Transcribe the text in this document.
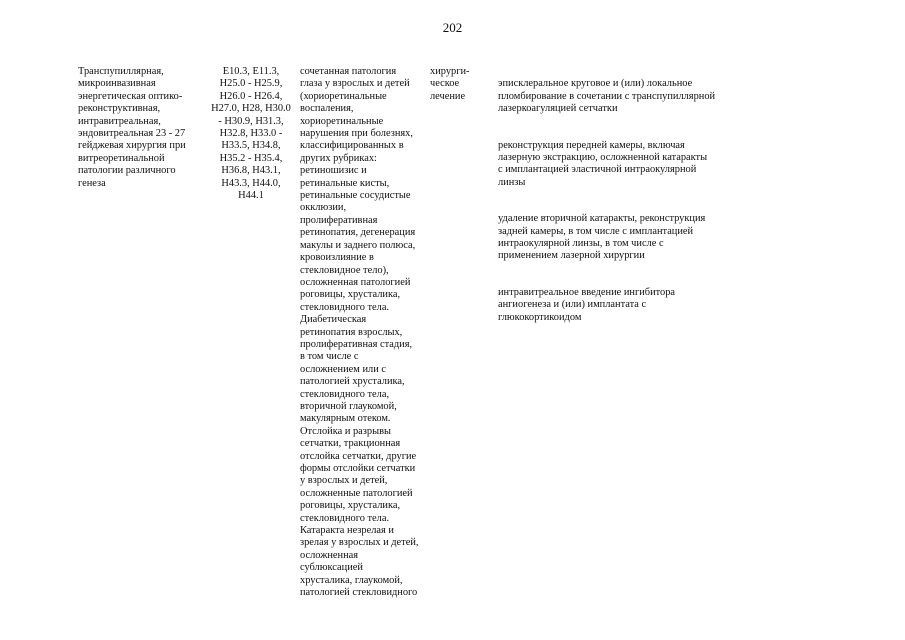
202
Транспупиллярная,
микроинвазивная
энергетическая оптико-
реконструктивная,
интравитреальная,
эндовитреальная 23 - 27
гейджевая хирургия при
витреоретинальной
патологии различного
генеза
E10.3, E11.3,
H25.0 - H25.9,
H26.0 - H26.4,
H27.0, H28, H30.0
- H30.9, H31.3,
H32.8, H33.0 -
H33.5, H34.8,
H35.2 - H35.4,
H36.8, H43.1,
H43.3, H44.0,
H44.1
сочетанная патология
глаза у взрослых и детей
(хориоретинальные
воспаления,
хориоретинальные
нарушения при болезнях,
классифицированных в
других рубриках:
ретиношизис и
ретинальные кисты,
ретинальные сосудистые
окклюзии,
пролиферативная
ретинопатия, дегенерация
макулы и заднего полюса,
кровоизлияние в
стекловидное тело),
осложненная патологией
роговицы, хрусталика,
стекловидного тела.
Диабетическая
ретинопатия взрослых,
пролиферативная стадия,
в том числе с
осложнением или с
патологией хрусталика,
стекловидного тела,
вторичной глаукомой,
макулярным отеком.
Отслойка и разрывы
сетчатки, тракционная
отслойка сетчатки, другие
формы отслойки сетчатки
у взрослых и детей,
осложненные патологией
роговицы, хрусталика,
стекловидного тела.
Катаракта незрелая и
зрелая у взрослых и детей,
осложненная
сублюксацией
хрусталика, глаукомой,
патологией стекловидного
хирурги-
ческое
лечение

эписклеральное круговое и (или) локальное
пломбирование в сочетании с транспупиллярной
лазеркоагуляцией сетчатки

реконструкция передней камеры, включая
лазерную экстракцию, осложненной катаракты
с имплантацией эластичной интраокулярной
линзы

удаление вторичной катаракты, реконструкция
задней камеры, в том числе с имплантацией
интраокулярной линзы, в том числе с
применением лазерной хирургии

интравитреальное введение ингибитора
ангиогенеза и (или) имплантата с
глюкокортикоидом
